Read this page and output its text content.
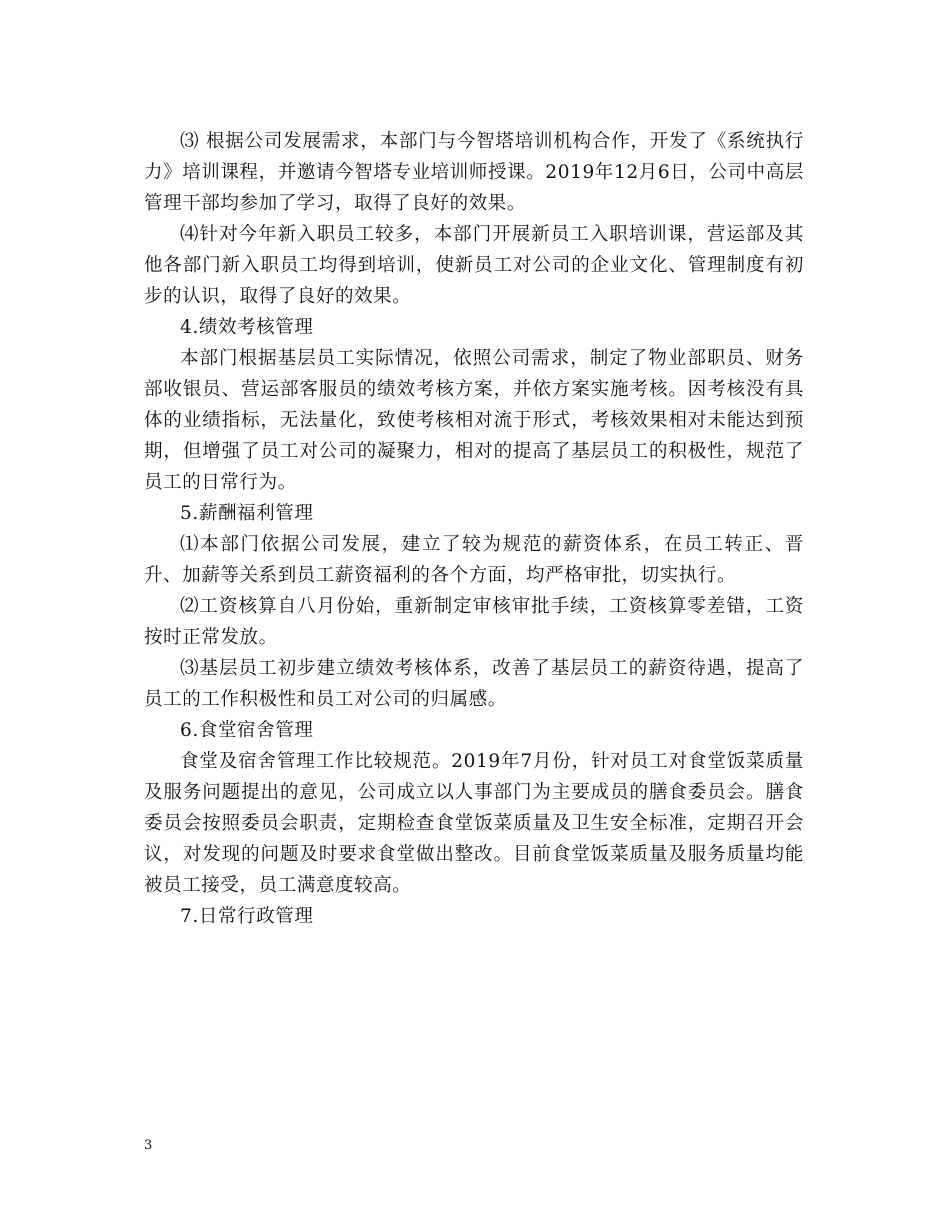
⑶ 根据公司发展需求，本部门与今智塔培训机构合作，开发了《系统执行力》培训课程，并邀请今智塔专业培训师授课。2019年12月6日，公司中高层管理干部均参加了学习，取得了良好的效果。

⑷针对今年新入职员工较多，本部门开展新员工入职培训课，营运部及其他各部门新入职员工均得到培训，使新员工对公司的企业文化、管理制度有初步的认识，取得了良好的效果。

4.绩效考核管理

本部门根据基层员工实际情况，依照公司需求，制定了物业部职员、财务部收银员、营运部客服员的绩效考核方案，并依方案实施考核。因考核没有具体的业绩指标，无法量化，致使考核相对流于形式，考核效果相对未能达到预期，但增强了员工对公司的凝聚力，相对的提高了基层员工的积极性，规范了员工的日常行为。

5.薪酬福利管理

⑴本部门依据公司发展，建立了较为规范的薪资体系，在员工转正、晋升、加薪等关系到员工薪资福利的各个方面，均严格审批，切实执行。

⑵工资核算自八月份始，重新制定审核审批手续，工资核算零差错，工资按时正常发放。

⑶基层员工初步建立绩效考核体系，改善了基层员工的薪资待遇，提高了员工的工作积极性和员工对公司的归属感。

6.食堂宿舍管理

食堂及宿舍管理工作比较规范。2019年7月份，针对员工对食堂饭菜质量及服务问题提出的意见，公司成立以人事部门为主要成员的膳食委员会。膳食委员会按照委员会职责，定期检查食堂饭菜质量及卫生安全标准，定期召开会议，对发现的问题及时要求食堂做出整改。目前食堂饭菜质量及服务质量均能被员工接受，员工满意度较高。

7.日常行政管理

3
